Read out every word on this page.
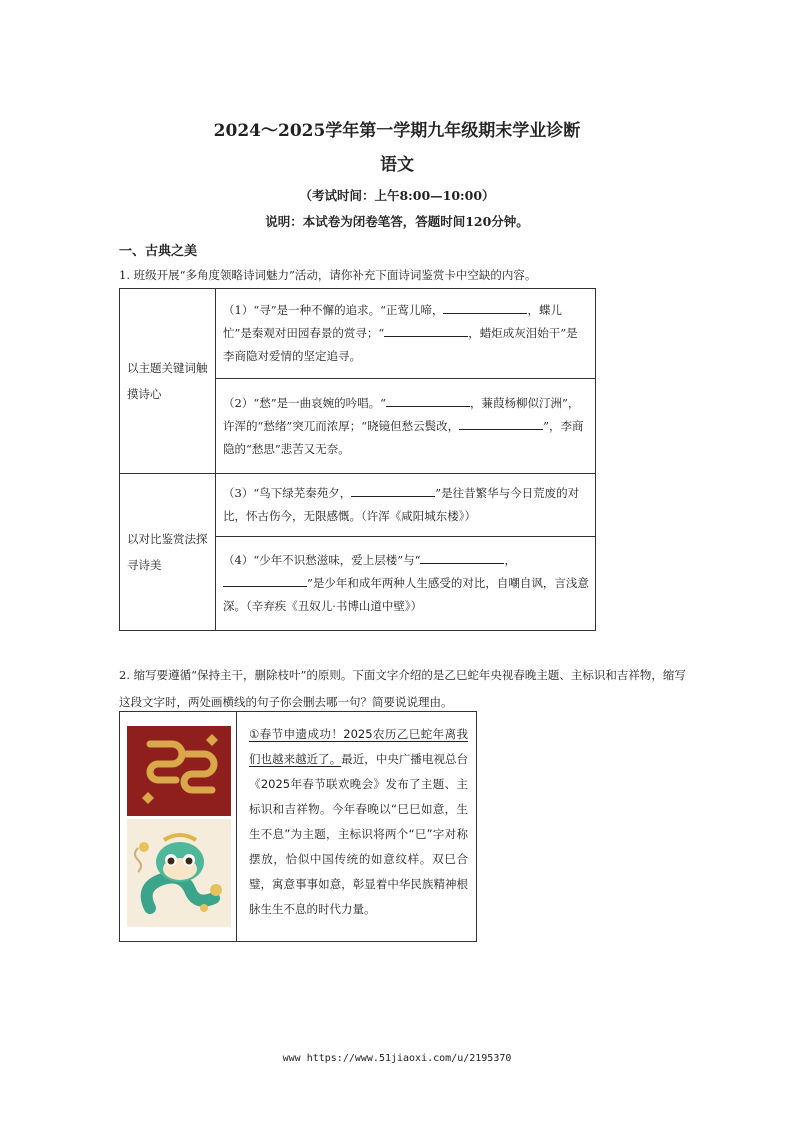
2024～2025学年第一学期九年级期末学业诊断
语文
（考试时间：上午8:00—10:00）
说明：本试卷为闭卷笔答，答题时间120分钟。
一、古典之美
1. 班级开展“多角度领略诗词魅力”活动，请你补充下面诗词鉴赏卡中空缺的内容。
以主题关键词触摸诗心	（1）“寻”是一种不懈的追求。“正莺儿啼， ，蝶儿忙”是秦观对田园春景的赏寻；“ ，蜡炬成灰泪始干”是李商隐对爱情的坚定追寻。
	（2）“愁”是一曲哀婉的吟唱。“ ，蒹葭杨柳似汀洲”，许浑的“愁绪”突兀而浓厚；“晓镜但愁云鬓改， ”，李商隐的“愁思”悲苦又无奈。
以对比鉴赏法探寻诗美	（3）“鸟下绿芜秦苑夕， ”是往昔繁华与今日荒废的对比，怀古伤今，无限感慨。（许浑《咸阳城东楼》）
	（4）“少年不识愁滋味，爱上层楼”与“ ，”是少年和成年两种人生感受的对比，自嘲自讽，言浅意深。（辛弃疾《丑奴儿·书博山道中壁》）
2. 缩写要遵循“保持主干，删除枝叶”的原则。下面文字介绍的是乙巳蛇年央视春晚主题、主标识和吉祥物，缩写这段文字时，两处画横线的句子你会删去哪一句？简要说说理由。
	①春节申遗成功！2025农历乙巳蛇年离我们也越来越近了。最近，中央广播电视总台《2025年春节联欢晚会》发布了主题、主标识和吉祥物。今年春晚以“巳巳如意，生生不息”为主题，主标识将两个“巳”字对称摆放，恰似中国传统的如意纹样。双巳合璧，寓意事事如意，彰显着中华民族精神根脉生生不息的时代力量。
www https://www.51jiaoxi.com/u/2195370
